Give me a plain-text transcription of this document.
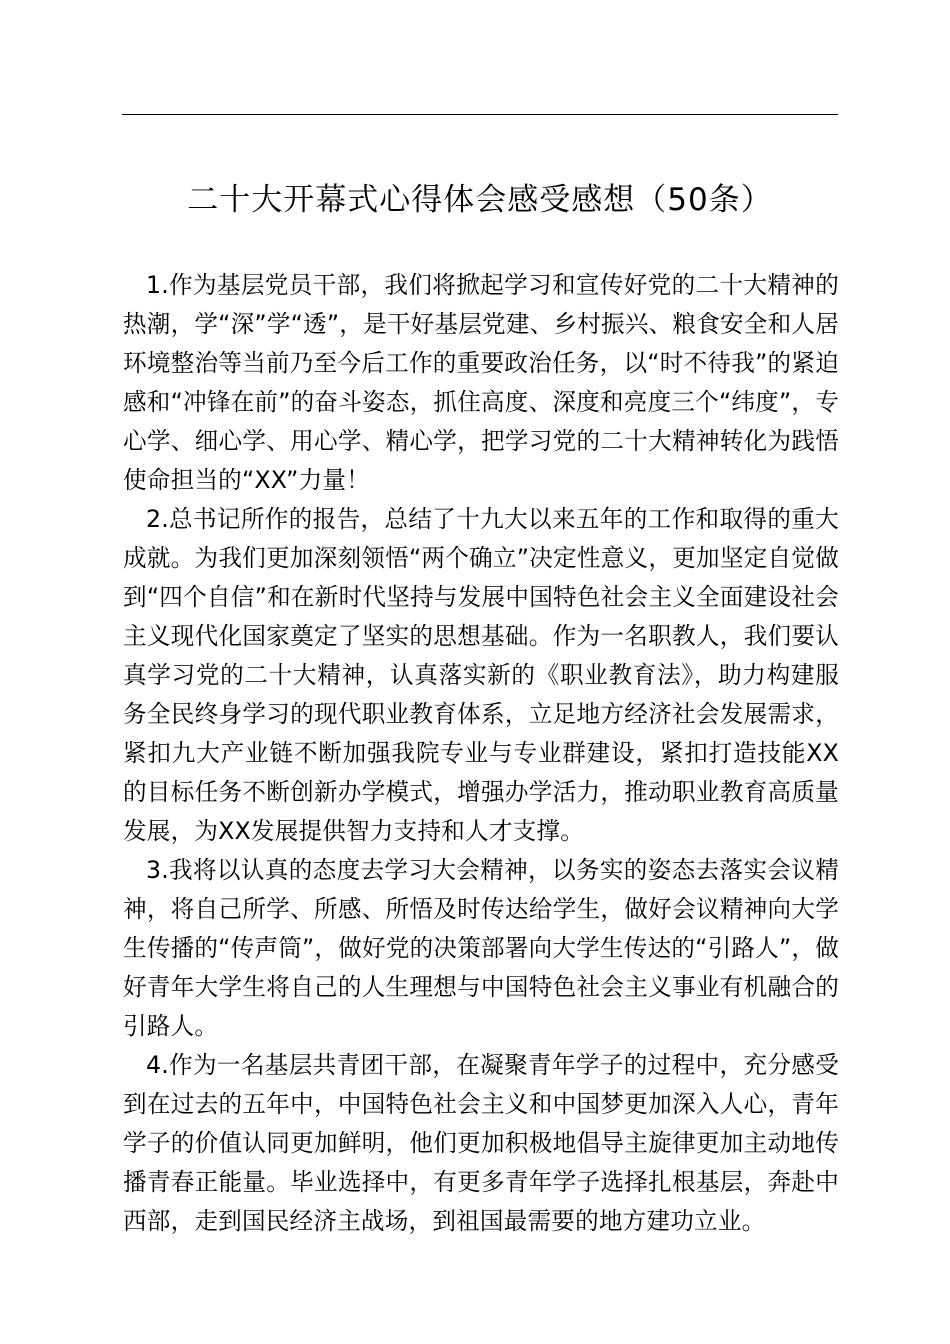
二十大开幕式心得体会感受感想（50条）

1.作为基层党员干部，我们将掀起学习和宣传好党的二十大精神的热潮，学“深”学“透”，是干好基层党建、乡村振兴、粮食安全和人居环境整治等当前乃至今后工作的重要政治任务，以“时不待我”的紧迫感和“冲锋在前”的奋斗姿态，抓住高度、深度和亮度三个“纬度”，专心学、细心学、用心学、精心学，把学习党的二十大精神转化为践悟使命担当的“XX”力量！

2.总书记所作的报告，总结了十九大以来五年的工作和取得的重大成就。为我们更加深刻领悟“两个确立”决定性意义，更加坚定自觉做到“四个自信”和在新时代坚持与发展中国特色社会主义全面建设社会主义现代化国家奠定了坚实的思想基础。作为一名职教人，我们要认真学习党的二十大精神，认真落实新的《职业教育法》，助力构建服务全民终身学习的现代职业教育体系，立足地方经济社会发展需求，紧扣九大产业链不断加强我院专业与专业群建设，紧扣打造技能XX的目标任务不断创新办学模式，增强办学活力，推动职业教育高质量发展，为XX发展提供智力支持和人才支撑。

3.我将以认真的态度去学习大会精神，以务实的姿态去落实会议精神，将自己所学、所感、所悟及时传达给学生，做好会议精神向大学生传播的“传声筒”，做好党的决策部署向大学生传达的“引路人”，做好青年大学生将自己的人生理想与中国特色社会主义事业有机融合的引路人。

4.作为一名基层共青团干部，在凝聚青年学子的过程中，充分感受到在过去的五年中，中国特色社会主义和中国梦更加深入人心，青年学子的价值认同更加鲜明，他们更加积极地倡导主旋律更加主动地传播青春正能量。毕业选择中，有更多青年学子选择扎根基层，奔赴中西部，走到国民经济主战场，到祖国最需要的地方建功立业。
